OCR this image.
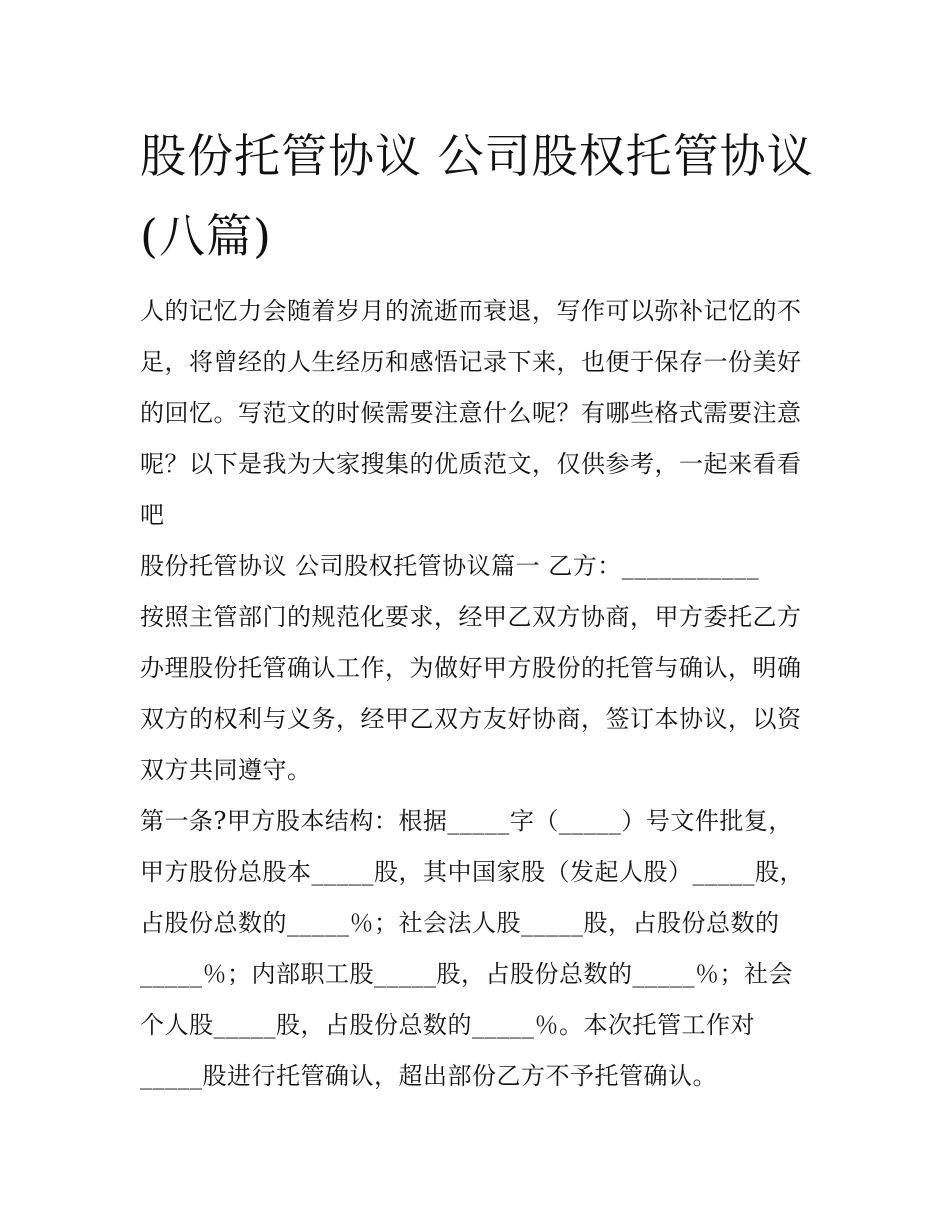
股份托管协议 公司股权托管协议(八篇)

人的记忆力会随着岁月的流逝而衰退，写作可以弥补记忆的不足，将曾经的人生经历和感悟记录下来，也便于保存一份美好的回忆。写范文的时候需要注意什么呢？有哪些格式需要注意呢？以下是我为大家搜集的优质范文，仅供参考，一起来看看吧

股份托管协议 公司股权托管协议篇一 乙方：___________

按照主管部门的规范化要求，经甲乙双方协商，甲方委托乙方办理股份托管确认工作，为做好甲方股份的托管与确认，明确双方的权利与义务，经甲乙双方友好协商，签订本协议，以资双方共同遵守。

第一条?甲方股本结构：根据_____字（_____）号文件批复，甲方股份总股本_____股，其中国家股（发起人股）_____股，占股份总数的_____％；社会法人股_____股，占股份总数的_____％；内部职工股_____股，占股份总数的_____％；社会个人股_____股，占股份总数的_____％。本次托管工作对_____股进行托管确认，超出部份乙方不予托管确认。
